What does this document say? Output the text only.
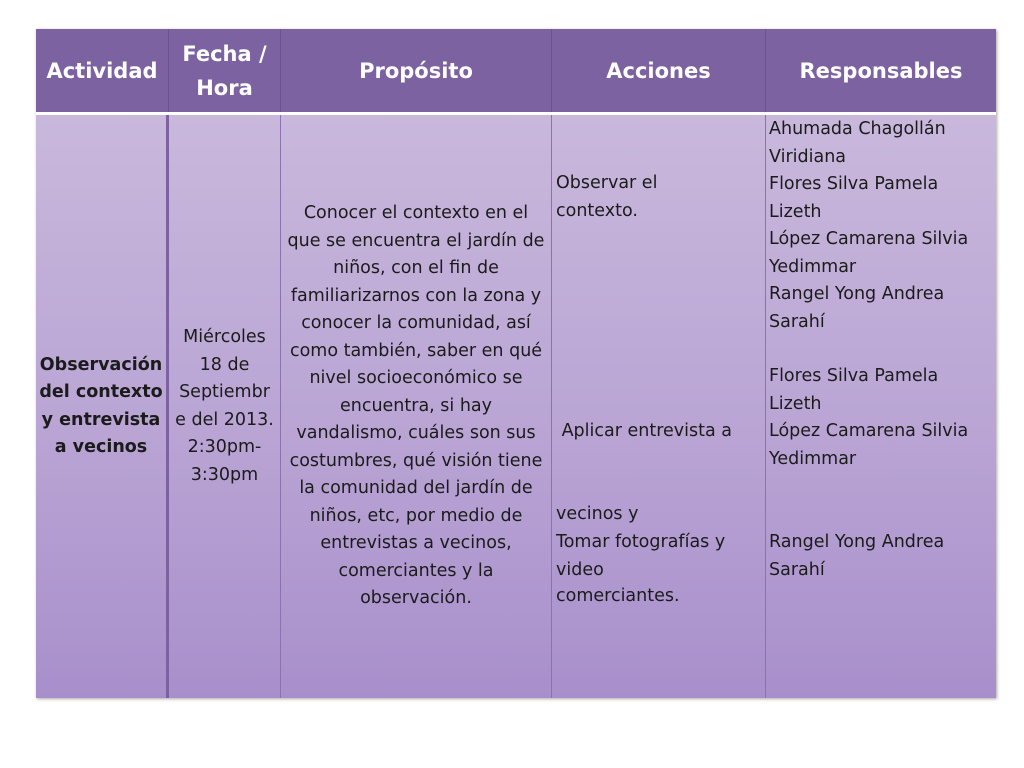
Actividad
Fecha / Hora
Propósito	Acciones	Responsables
Observación del contexto y entrevista a vecinos
Miércoles
18 de
Septiembr
e del 2013.
2:30pm-
3:30pm
Conocer el contexto en el que se encuentra el jardín de niños, con el fin de familiarizarnos con la zona y conocer la comunidad, así como también, saber en qué nivel socioeconómico se encuentra, si hay vandalismo, cuáles son sus costumbres, qué visión tiene la comunidad del jardín de niños, etc, por medio de entrevistas a vecinos, comerciantes y la observación.
Observar el
contexto.

Aplicar entrevista a

vecinos y

comerciantes.

Tomar fotografías y
video
Ahumada Chagollán
Viridiana
Flores Silva Pamela
Lizeth
López Camarena Silvia
Yedimmar
Rangel Yong Andrea
Sarahí
Flores Silva Pamela
Lizeth
López Camarena Silvia
Yedimmar
Rangel Yong Andrea
Sarahí
